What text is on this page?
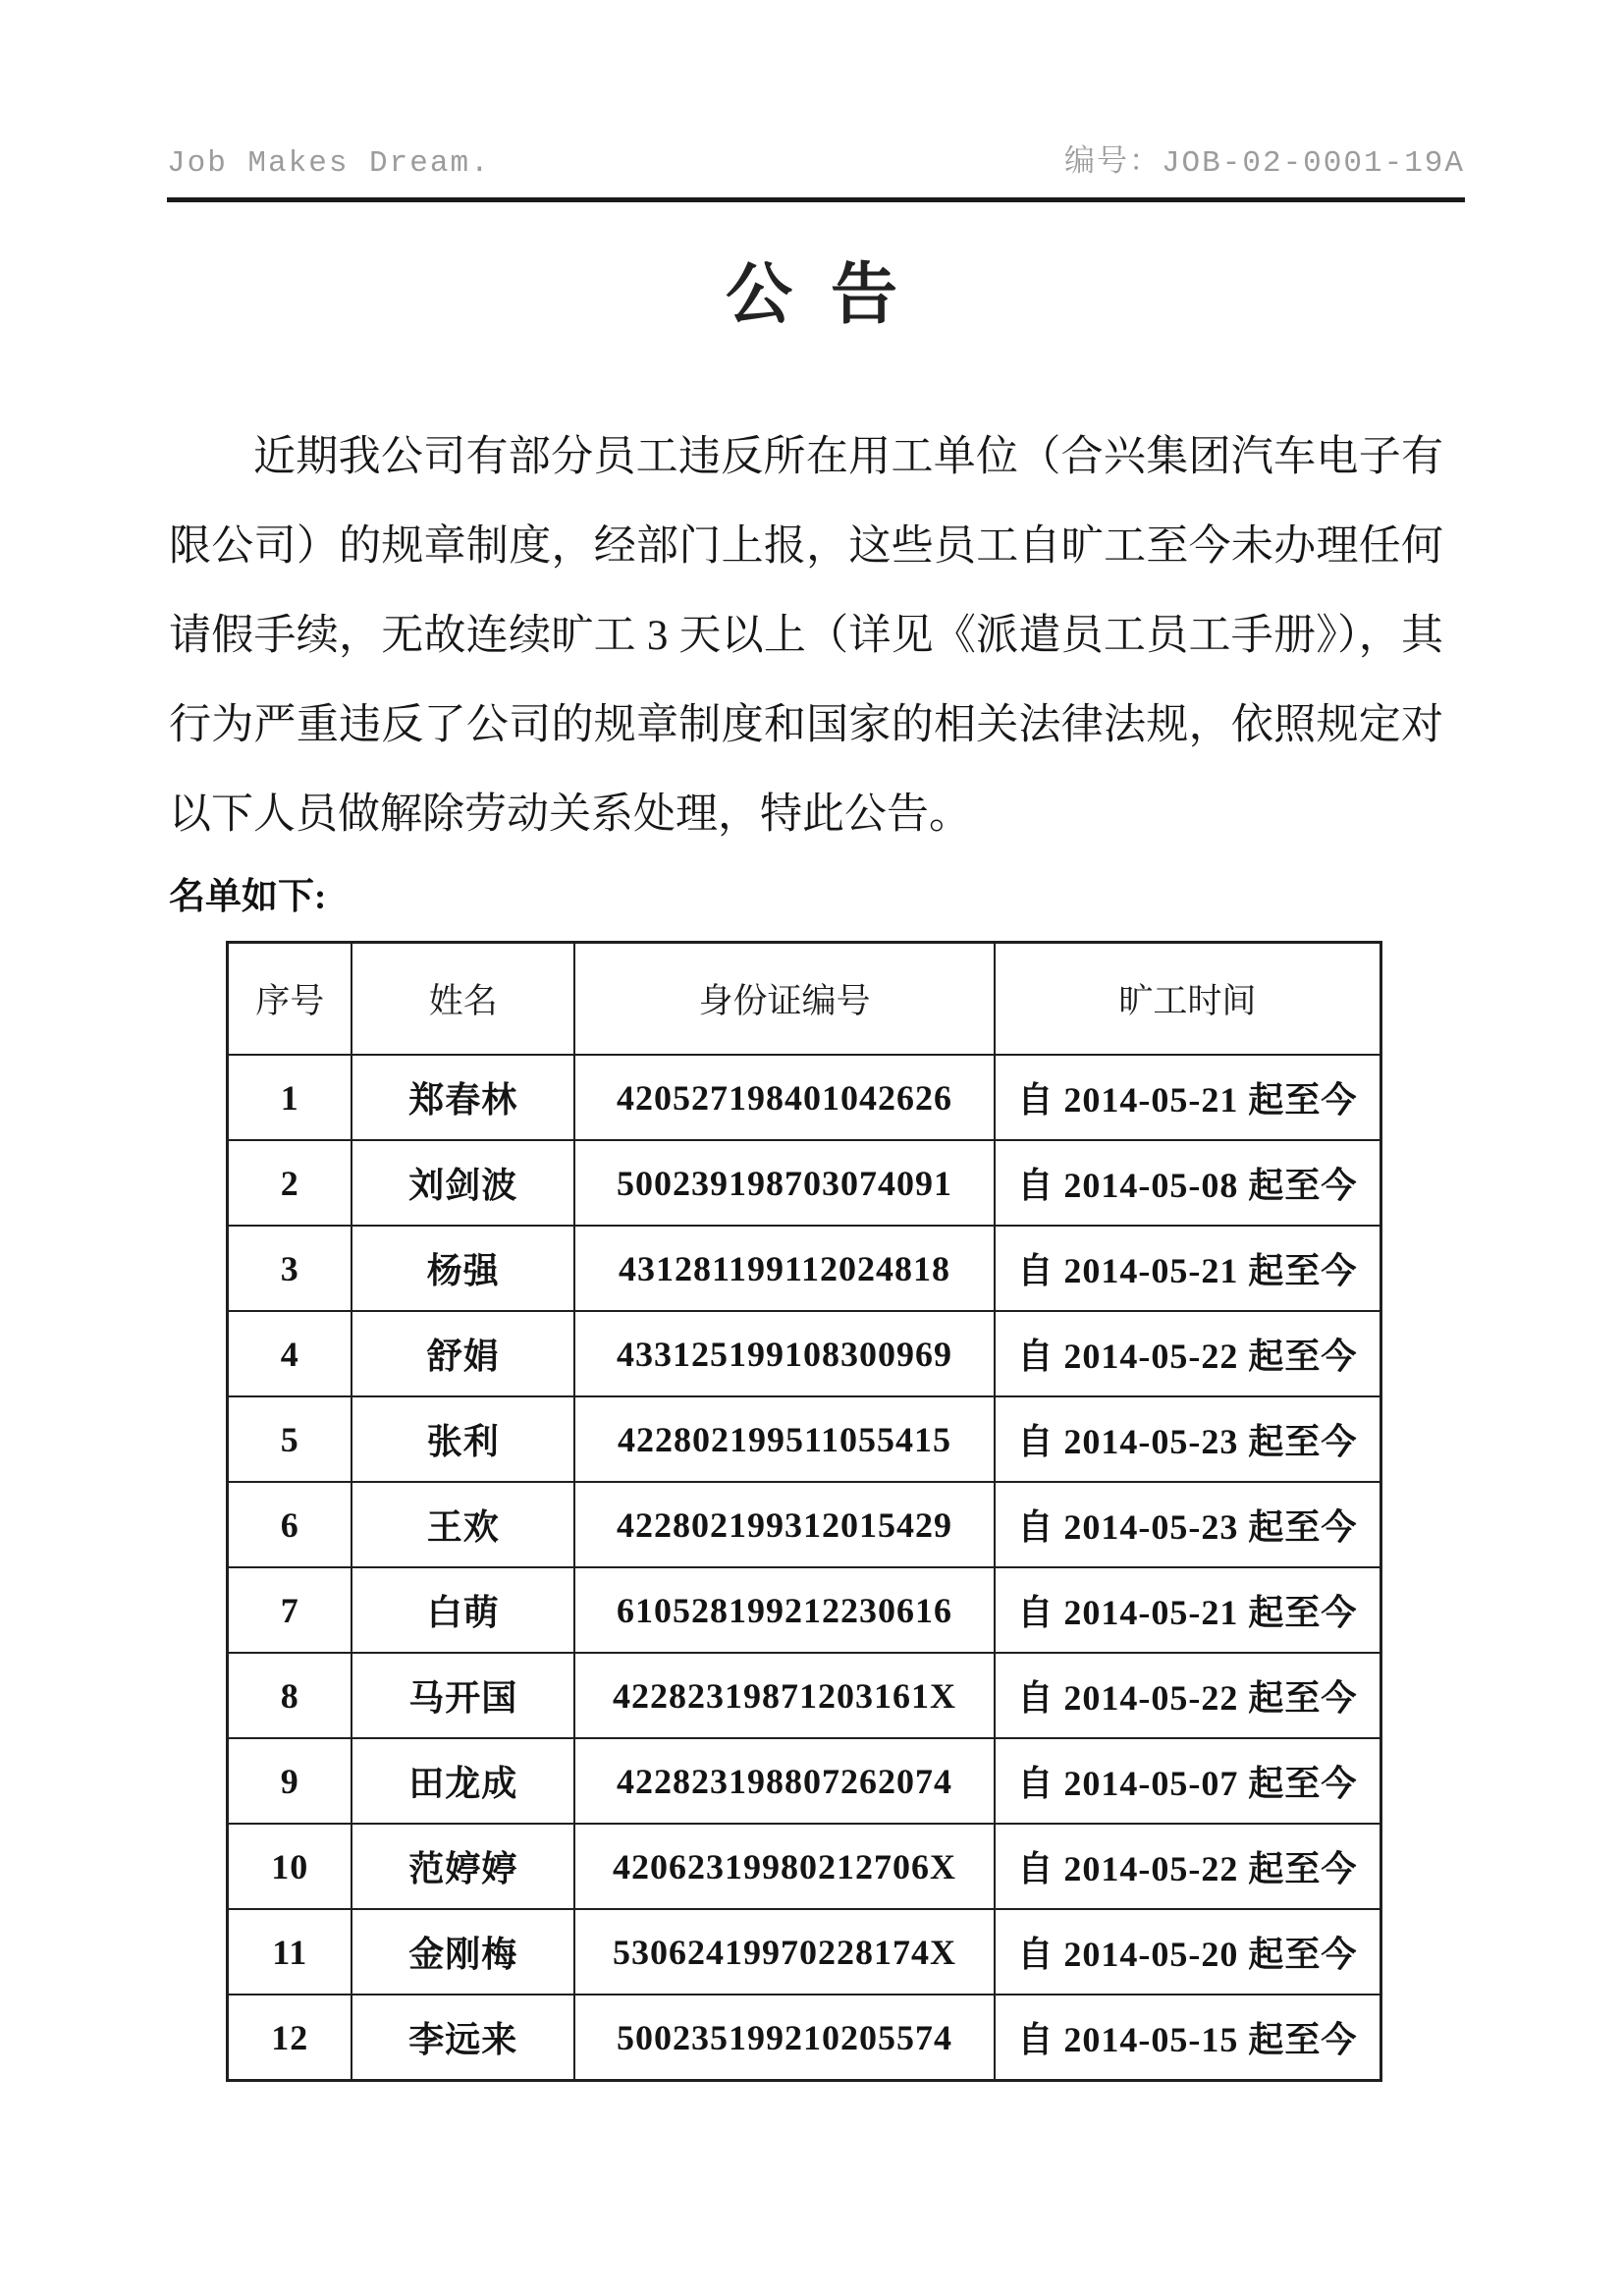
Job Makes Dream.	编号：JOB-02-0001-19A
公 告

近期我公司有部分员工违反所在用工单位（合兴集团汽车电子有限公司）的规章制度，经部门上报，这些员工自旷工至今未办理任何请假手续，无故连续旷工 3 天以上（详见《派遣员工员工手册》），其行为严重违反了公司的规章制度和国家的相关法律法规，依照规定对以下人员做解除劳动关系处理，特此公告。

名单如下:
序号	姓名	身份证编号	旷工时间
1	郑春林	420527198401042626	自 2014-05-21 起至今
2	刘剑波	500239198703074091	自 2014-05-08 起至今
3	杨强	431281199112024818	自 2014-05-21 起至今
4	舒娟	433125199108300969	自 2014-05-22 起至今
5	张利	422802199511055415	自 2014-05-23 起至今
6	王欢	422802199312015429	自 2014-05-23 起至今
7	白萌	610528199212230616	自 2014-05-21 起至今
8	马开国	42282319871203161X	自 2014-05-22 起至今
9	田龙成	422823198807262074	自 2014-05-07 起至今
10	范婷婷	42062319980212706X	自 2014-05-22 起至今
11	金刚梅	53062419970228174X	自 2014-05-20 起至今
12	李远来	500235199210205574	自 2014-05-15 起至今
